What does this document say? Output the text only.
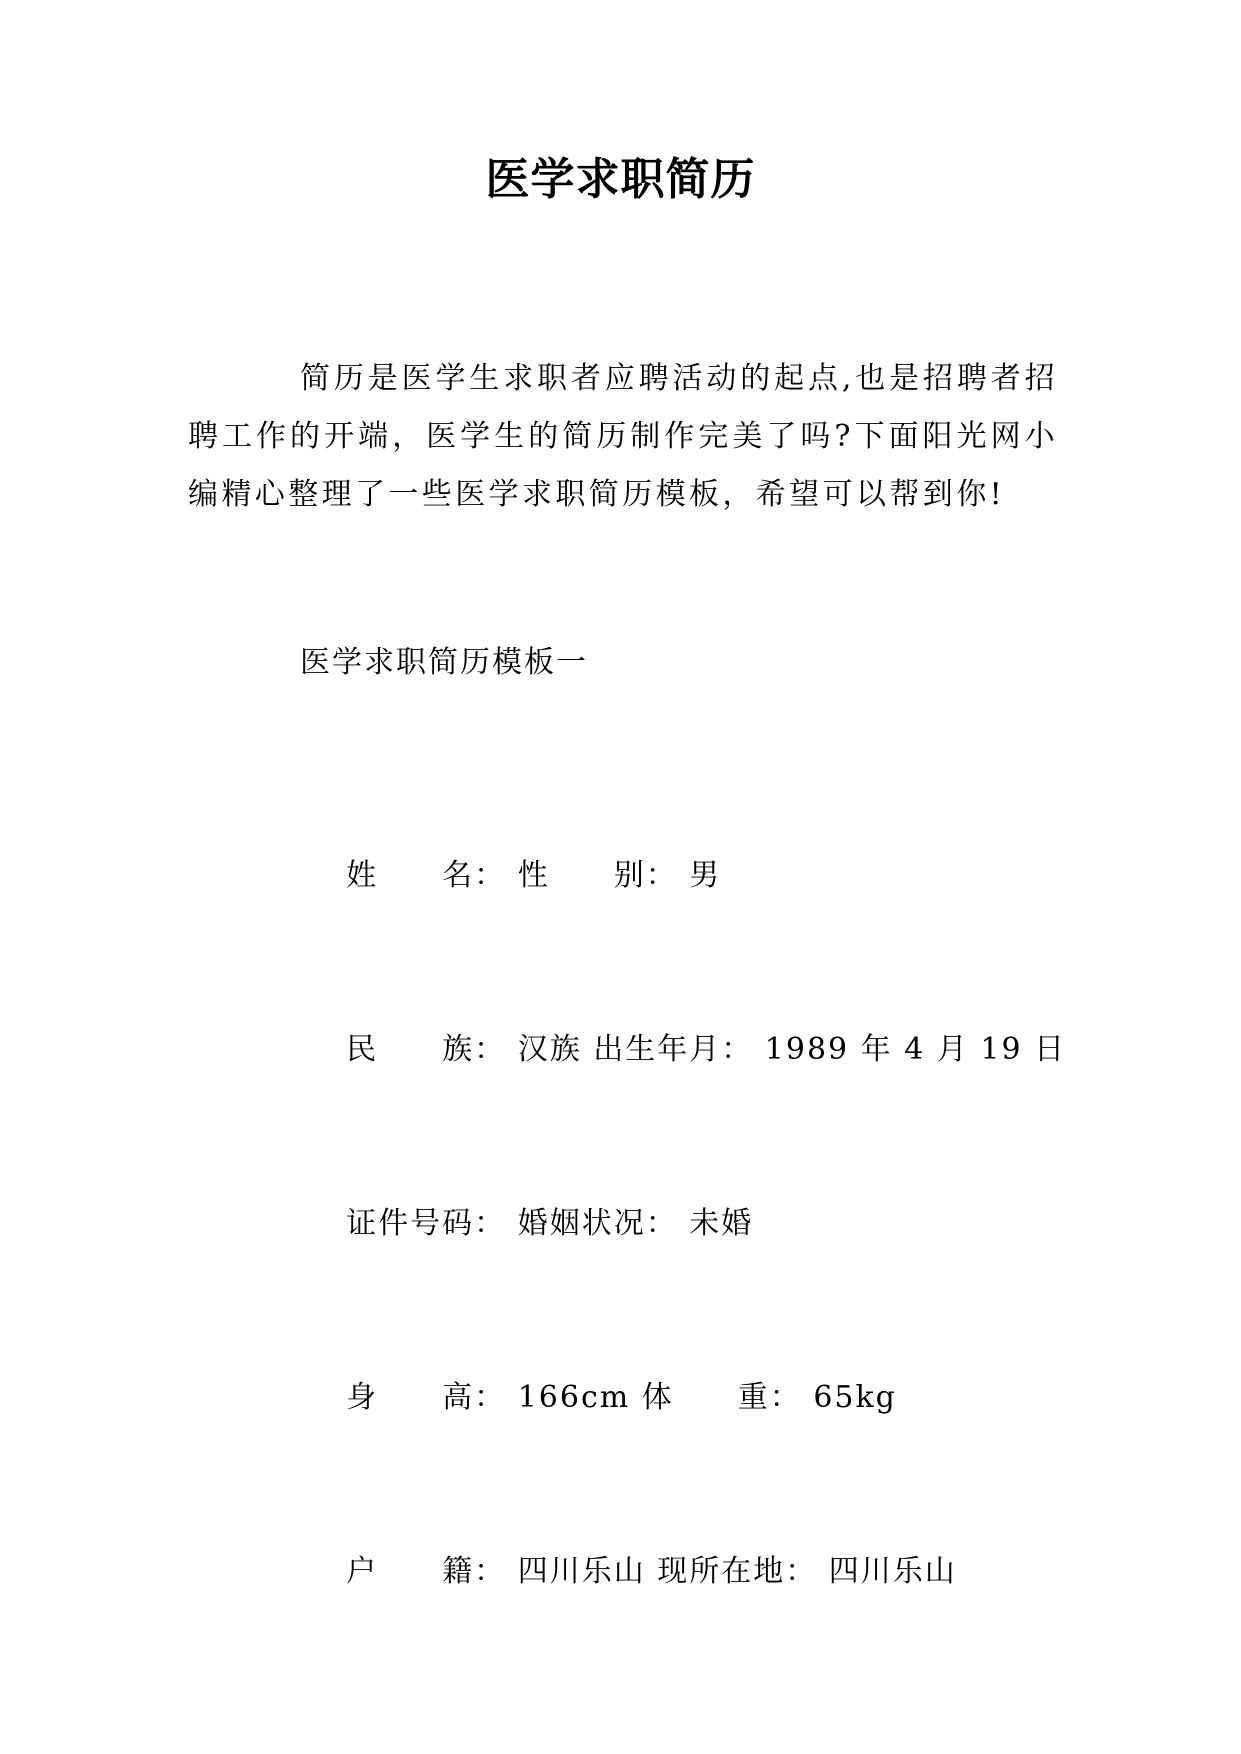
医学求职简历
简历是医学生求职者应聘活动的起点,也是招聘者招聘工作的开端，医学生的简历制作完美了吗?下面阳光网小编精心整理了一些医学求职简历模板，希望可以帮到你!
医学求职简历模板一

姓　　名： 性　　别： 男

民　　族： 汉族 出生年月： 1989 年 4 月 19 日

证件号码： 婚姻状况： 未婚

身　　高： 166cm 体　　重： 65kg

户　　籍： 四川乐山 现所在地： 四川乐山
